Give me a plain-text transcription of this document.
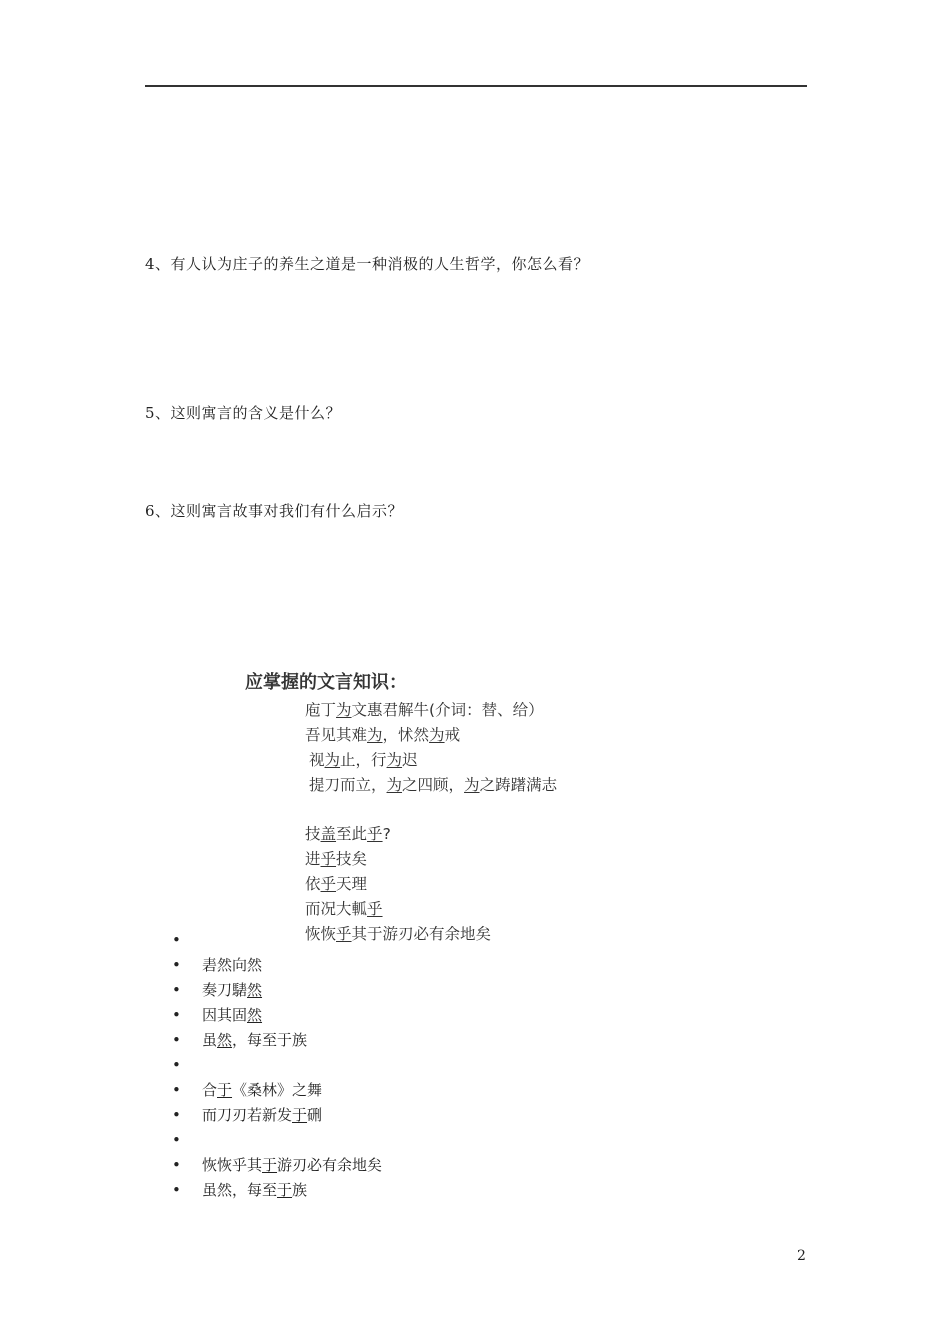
4、有人认为庄子的养生之道是一种消极的人生哲学，你怎么看？
5、这则寓言的含义是什么？
6、这则寓言故事对我们有什么启示？
应掌握的文言知识：
庖丁为文惠君解牛(介词：替、给）
吾见其难为，怵然为戒
视为止，行为迟
提刀而立，为之四顾，为之踌躇满志
技盖至此乎?
进乎技矣
依乎天理
而况大軱乎
恢恢乎其于游刃必有余地矣
•
• 砉然向然
• 奏刀騞然
• 因其固然
• 虽然，每至于族
•
• 合于《桑林》之舞
• 而刀刃若新发于硎
•
• 恢恢乎其于游刃必有余地矣
• 虽然，每至于族
2
